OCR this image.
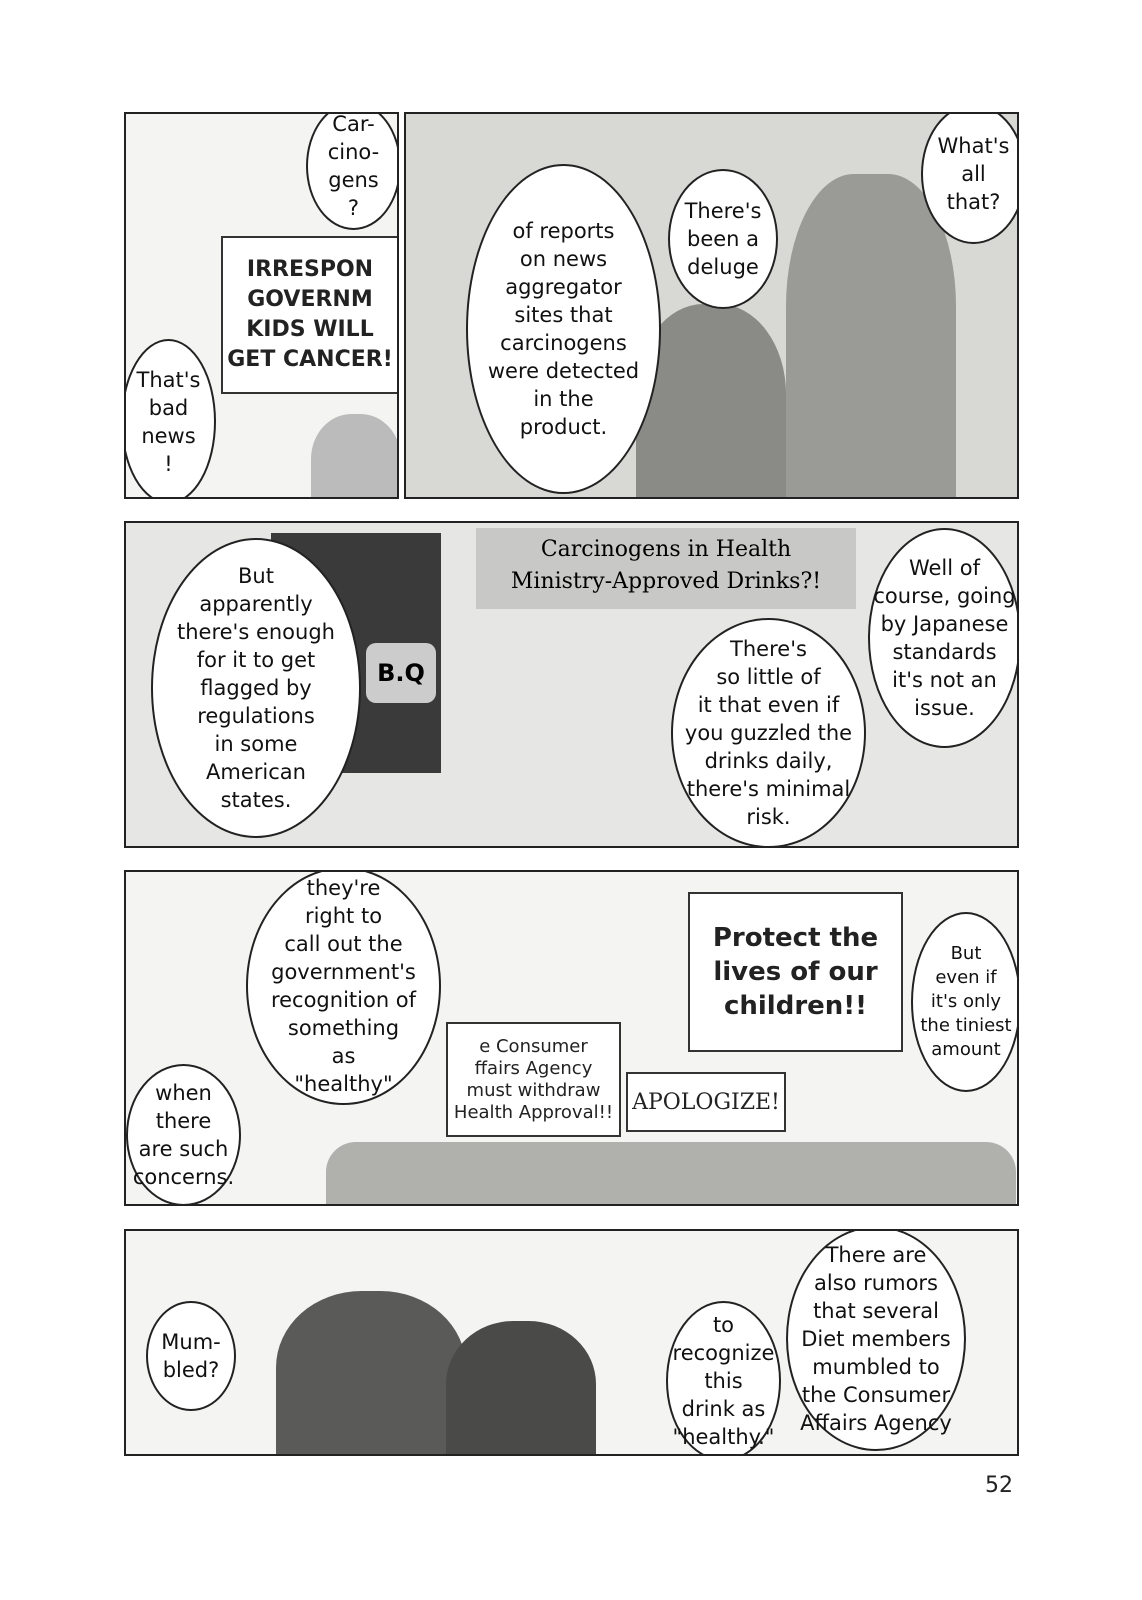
IRRESPON
GOVERNM
KIDS WILL
GET CANCER!
Car-
cino-
gens
?
That's
bad
news
!
What's
all
that?
There's
been a
deluge
of reports
on news
aggregator
sites that
carcinogens
were detected
in the
product.
B.Q
Carcinogens in Health
Ministry-Approved Drinks?!
But
apparently
there's enough
for it to get
flagged by
regulations
in some
American
states.
There's
so little of
it that even if
you guzzled the
drinks daily,
there's minimal
risk.
Well of
course, going
by Japanese
standards
it's not an
issue.
e Consumer
ffairs Agency
must withdraw
Health Approval!! APOLOGIZE!
Protect the
lives of our
children!!
they're
right to
call out the
government's
recognition of
something
as
"healthy"
when
there
are such
concerns.
But
even if
it's only
the tiniest
amount
Mum-
bled?
to
recognize
this
drink as
"healthy."
There are
also rumors
that several
Diet members
mumbled to
the Consumer
Affairs Agency
52
